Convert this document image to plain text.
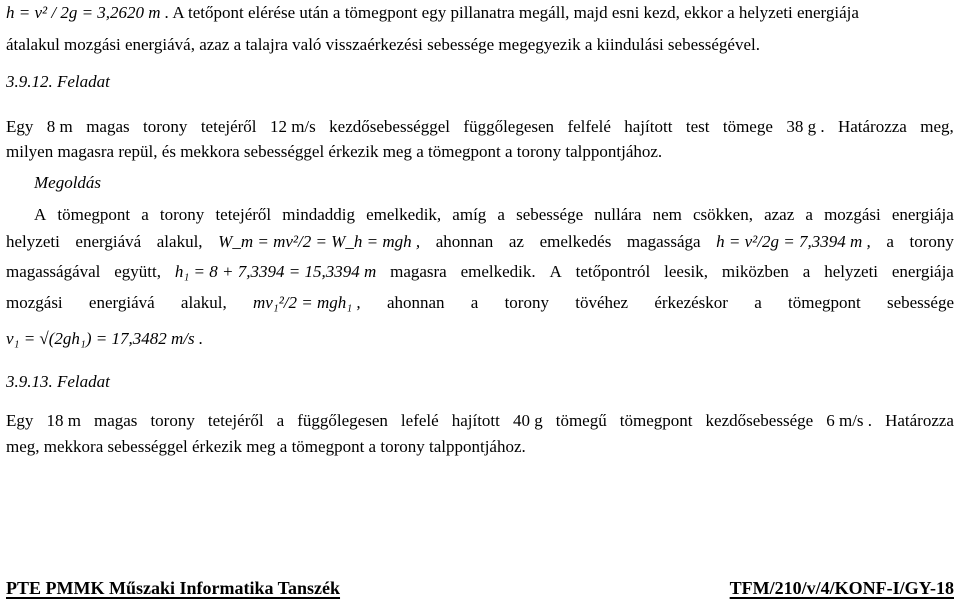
h = v² / 2g = 3,2620 m . A tetőpont elérése után a tömegpont egy pillanatra megáll, majd esni kezd, ekkor a helyzeti energiája
átalakul mozgási energiává, azaz a talajra való visszaérkezési sebessége megegyezik a kiindulási sebességével.
3.9.12. Feladat
Egy 8 m magas torony tetejéről 12 m/s kezdősebességgel függőlegesen felfelé hajított test tömege 38 g . Határozza meg,
milyen magasra repül, és mekkora sebességgel érkezik meg a tömegpont a torony talppontjához.
Megoldás
A tömegpont a torony tetejéről mindaddig emelkedik, amíg a sebessége nullára nem csökken, azaz a mozgási energiája
helyzeti energiává alakul, W_m = mv²/2 = W_h = mgh , ahonnan az emelkedés magassága h = v²/2g = 7,3394 m , a torony
magasságával együtt, h₁ = 8 + 7,3394 = 15,3394 m magasra emelkedik. A tetőpontról leesik, miközben a helyzeti energiája
mozgási energiává alakul, mv₁²/2 = mgh₁ , ahonnan a torony tövéhez érkezéskor a tömegpont sebessége
v₁ = √(2gh₁) = 17,3482 m/s .
3.9.13. Feladat
Egy 18 m magas torony tetejéről a függőlegesen lefelé hajított 40 g tömegű tömegpont kezdősebessége 6 m/s . Határozza
meg, mekkora sebességgel érkezik meg a tömegpont a torony talppontjához.
PTE PMMK Műszaki Informatika Tanszék	TFM/210/v/4/KONF-I/GY-18
